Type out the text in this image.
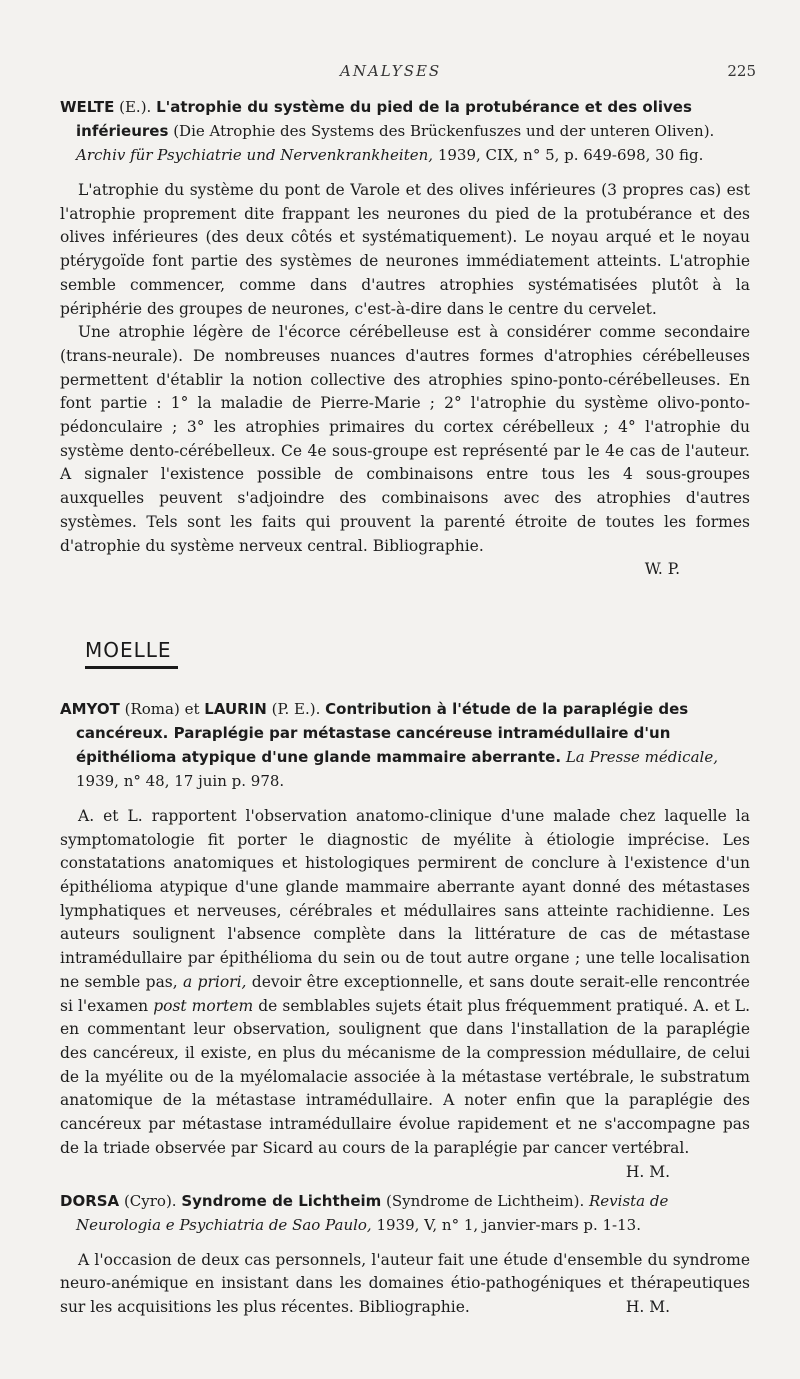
ANALYSES	225

WELTE (E.). L'atrophie du système du pied de la protubérance et des olives inférieures (Die Atrophie des Systems des Brückenfuszes und der unteren Oliven). Archiv für Psychiatrie und Nervenkrankheiten, 1939, CIX, n° 5, p. 649-698, 30 fig.

L'atrophie du système du pont de Varole et des olives inférieures (3 propres cas) est l'atrophie proprement dite frappant les neurones du pied de la protubérance et des olives inférieures (des deux côtés et systématiquement). Le noyau arqué et le noyau ptérygoïde font partie des systèmes de neurones immédiatement atteints. L'atrophie semble commencer, comme dans d'autres atrophies systématisées plutôt à la périphérie des groupes de neurones, c'est-à-dire dans le centre du cervelet.

Une atrophie légère de l'écorce cérébelleuse est à considérer comme secondaire (trans-neurale). De nombreuses nuances d'autres formes d'atrophies cérébelleuses permettent d'établir la notion collective des atrophies spino-ponto-cérébelleuses. En font partie : 1° la maladie de Pierre-Marie ; 2° l'atrophie du système olivo-ponto-pédonculaire ; 3° les atrophies primaires du cortex cérébelleux ; 4° l'atrophie du système dento-cérébelleux. Ce 4e sous-groupe est représenté par le 4e cas de l'auteur. A signaler l'existence possible de combinaisons entre tous les 4 sous-groupes auxquelles peuvent s'adjoindre des combinaisons avec des atrophies d'autres systèmes. Tels sont les faits qui prouvent la parenté étroite de toutes les formes d'atrophie du système nerveux central. Bibliographie.

W. P.

MOELLE

AMYOT (Roma) et LAURIN (P. E.). Contribution à l'étude de la paraplégie des cancéreux. Paraplégie par métastase cancéreuse intramédullaire d'un épithélioma atypique d'une glande mammaire aberrante. La Presse médicale, 1939, n° 48, 17 juin p. 978.

A. et L. rapportent l'observation anatomo-clinique d'une malade chez laquelle la symptomatologie fit porter le diagnostic de myélite à étiologie imprécise. Les constatations anatomiques et histologiques permirent de conclure à l'existence d'un épithélioma atypique d'une glande mammaire aberrante ayant donné des métastases lymphatiques et nerveuses, cérébrales et médullaires sans atteinte rachidienne. Les auteurs soulignent l'absence complète dans la littérature de cas de métastase intramédullaire par épithélioma du sein ou de tout autre organe ; une telle localisation ne semble pas, a priori, devoir être exceptionnelle, et sans doute serait-elle rencontrée si l'examen post mortem de semblables sujets était plus fréquemment pratiqué. A. et L. en commentant leur observation, soulignent que dans l'installation de la paraplégie des cancéreux, il existe, en plus du mécanisme de la compression médullaire, de celui de la myélite ou de la myélomalacie associée à la métastase vertébrale, le substratum anatomique de la métastase intramédullaire. A noter enfin que la paraplégie des cancéreux par métastase intramédullaire évolue rapidement et ne s'accompagne pas de la triade observée par Sicard au cours de la paraplégie par cancer vertébral.
H. M.

DORSA (Cyro). Syndrome de Lichtheim (Syndrome de Lichtheim). Revista de Neurologia e Psychiatria de Sao Paulo, 1939, V, n° 1, janvier-mars p. 1-13.

A l'occasion de deux cas personnels, l'auteur fait une étude d'ensemble du syndrome neuro-anémique en insistant dans les domaines étio-pathogéniques et thérapeutiques sur les acquisitions les plus récentes. Bibliographie.	H. M.
